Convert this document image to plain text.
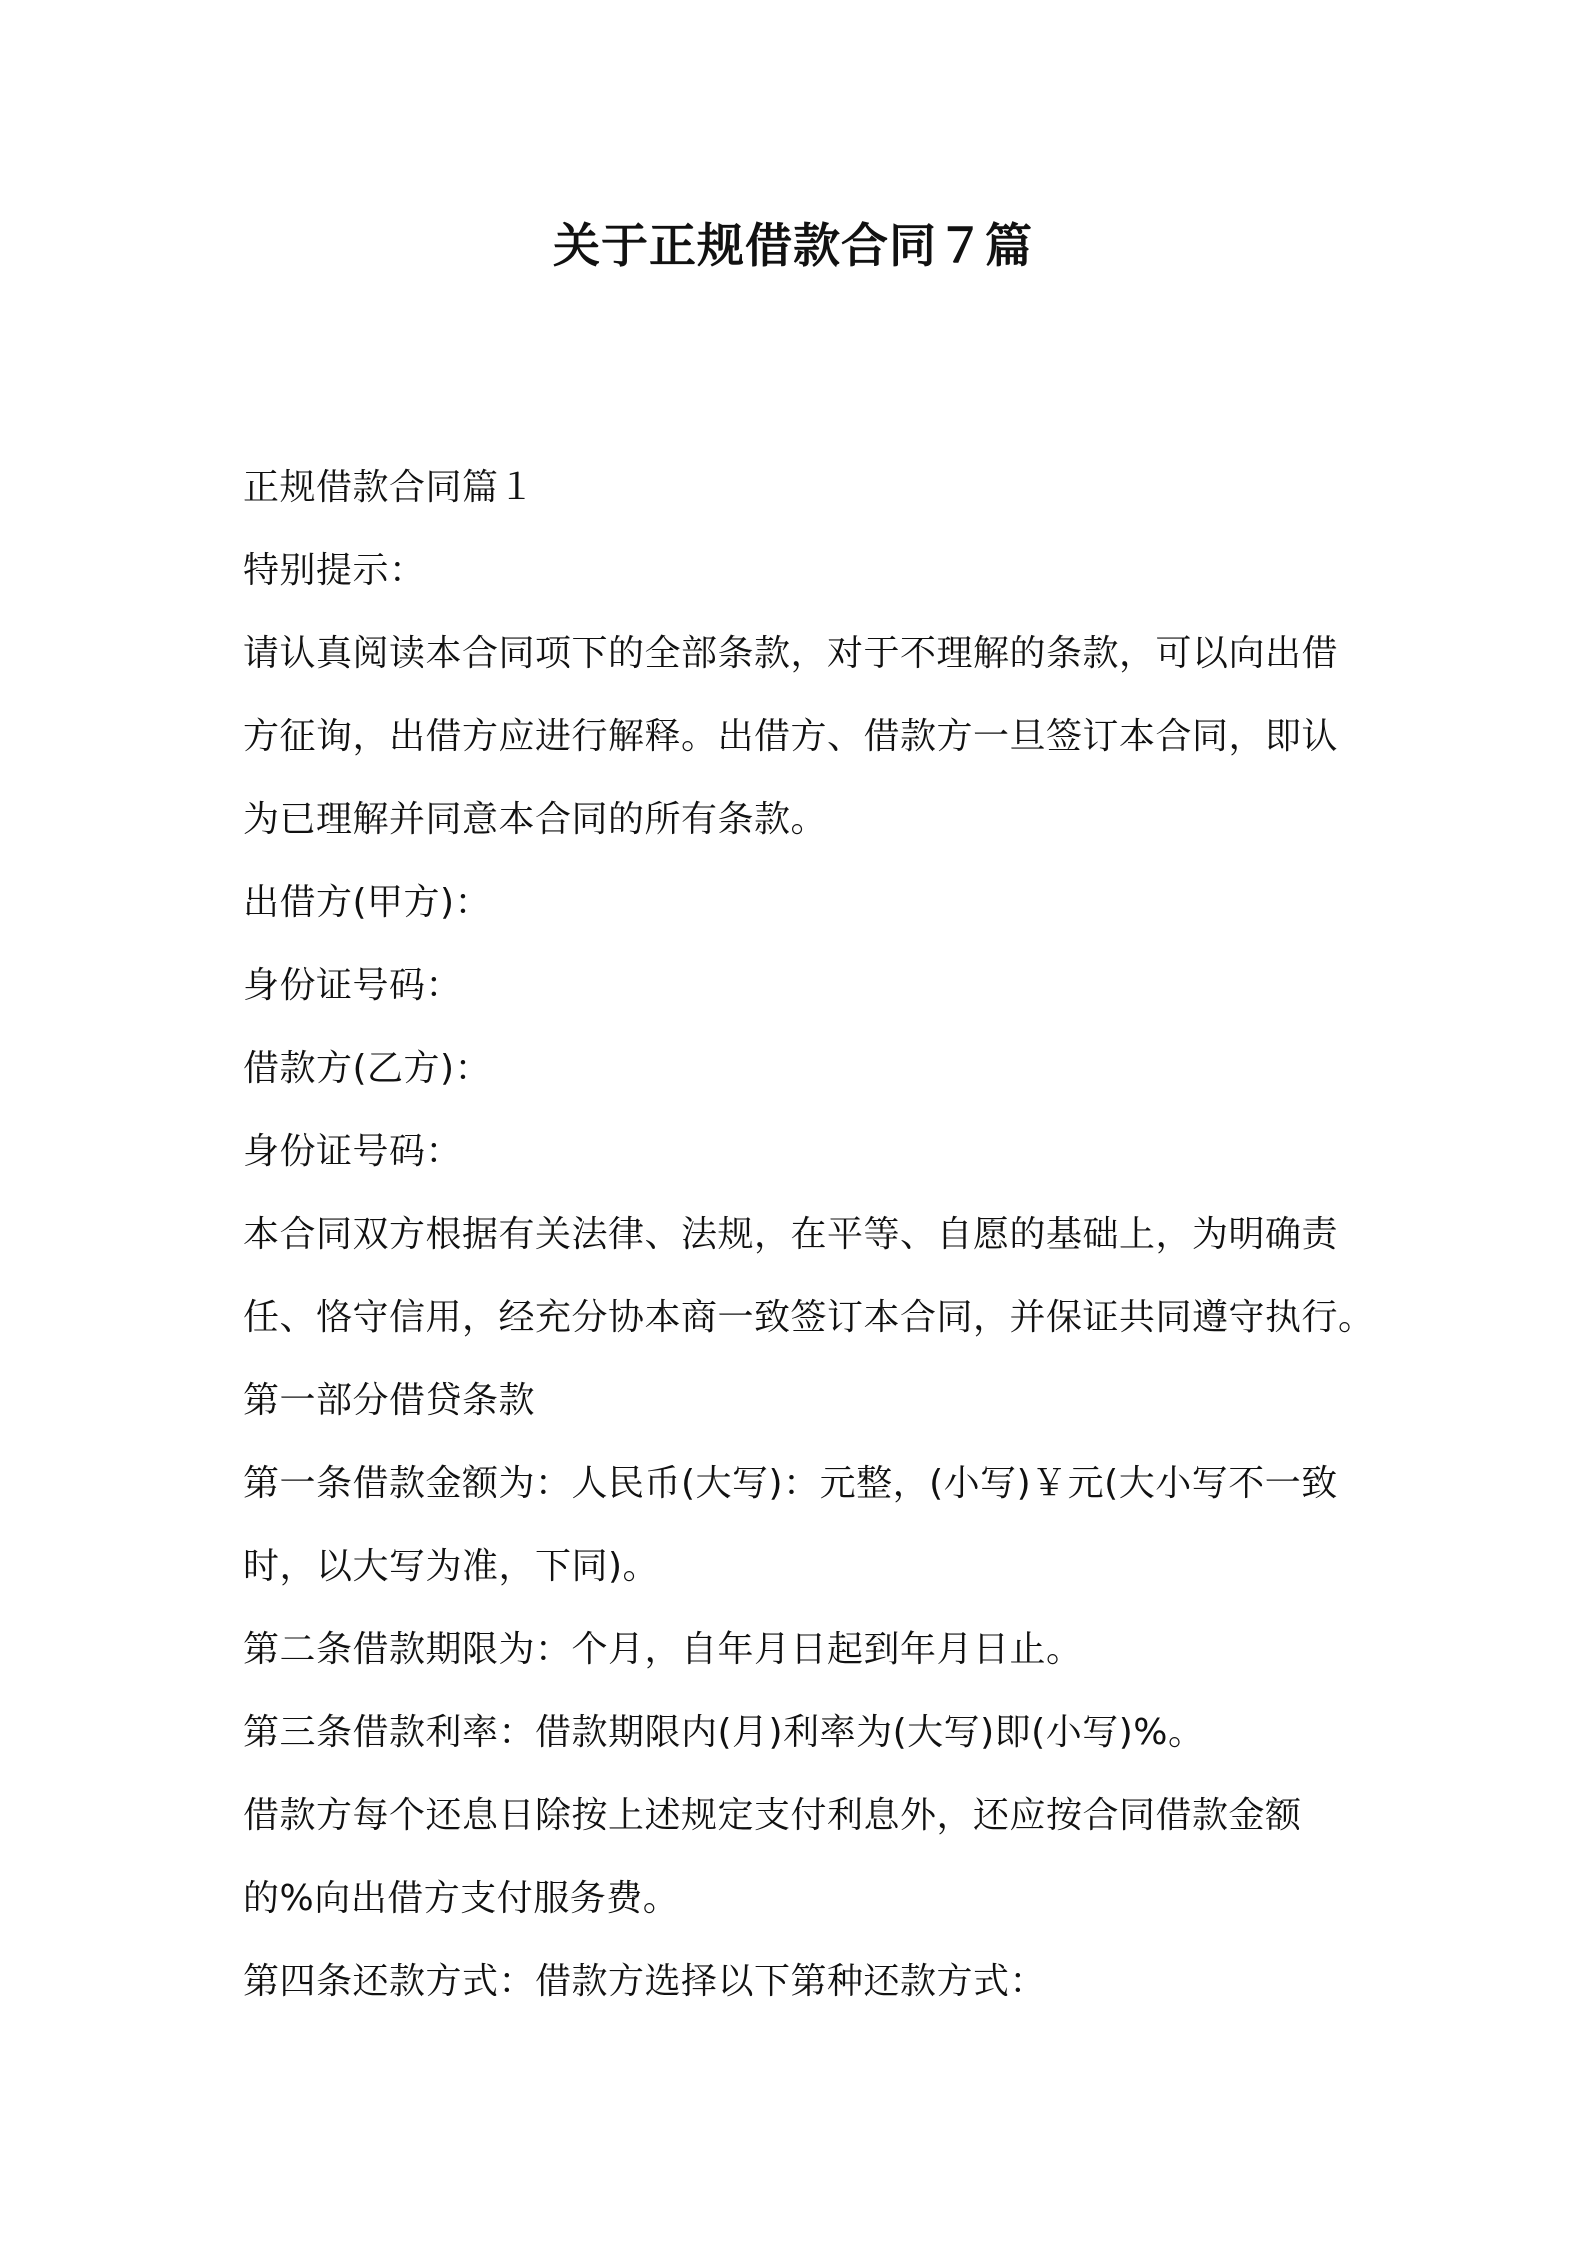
关于正规借款合同７篇

正规借款合同篇１

特别提示：

请认真阅读本合同项下的全部条款，对于不理解的条款，可以向出借

方征询，出借方应进行解释。出借方、借款方一旦签订本合同，即认

为已理解并同意本合同的所有条款。

出借方(甲方)：

身份证号码：

借款方(乙方)：

身份证号码：

本合同双方根据有关法律、法规，在平等、自愿的基础上，为明确责

任、恪守信用，经充分协本商一致签订本合同，并保证共同遵守执行。

第一部分借贷条款

第一条借款金额为：人民币(大写)：元整，(小写)￥元(大小写不一致

时，以大写为准，下同)。

第二条借款期限为：个月，自年月日起到年月日止。

第三条借款利率：借款期限内(月)利率为(大写)即(小写)%。

借款方每个还息日除按上述规定支付利息外，还应按合同借款金额

的%向出借方支付服务费。

第四条还款方式：借款方选择以下第种还款方式：
